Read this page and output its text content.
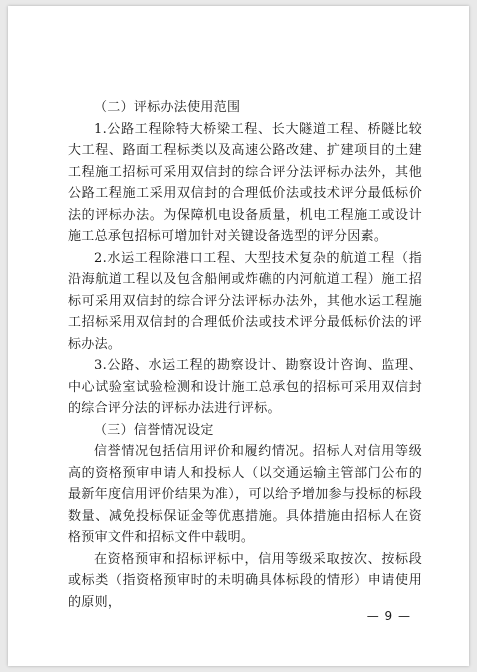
（二）评标办法使用范围

1.公路工程除特大桥梁工程、长大隧道工程、桥隧比较大工程、路面工程标类以及高速公路改建、扩建项目的土建工程施工招标可采用双信封的综合评分法评标办法外，其他公路工程施工采用双信封的合理低价法或技术评分最低标价法的评标办法。为保障机电设备质量，机电工程施工或设计施工总承包招标可增加针对关键设备选型的评分因素。

2.水运工程除港口工程、大型技术复杂的航道工程（指沿海航道工程以及包含船闸或炸礁的内河航道工程）施工招标可采用双信封的综合评分法评标办法外，其他水运工程施工招标采用双信封的合理低价法或技术评分最低标价法的评标办法。

3.公路、水运工程的勘察设计、勘察设计咨询、监理、中心试验室试验检测和设计施工总承包的招标可采用双信封的综合评分法的评标办法进行评标。

（三）信誉情况设定

信誉情况包括信用评价和履约情况。招标人对信用等级高的资格预审申请人和投标人（以交通运输主管部门公布的最新年度信用评价结果为准），可以给予增加参与投标的标段数量、减免投标保证金等优惠措施。具体措施由招标人在资格预审文件和招标文件中载明。

在资格预审和招标评标中，信用等级采取按次、按标段或标类（指资格预审时的未明确具体标段的情形）申请使用的原则，

— 9 —
